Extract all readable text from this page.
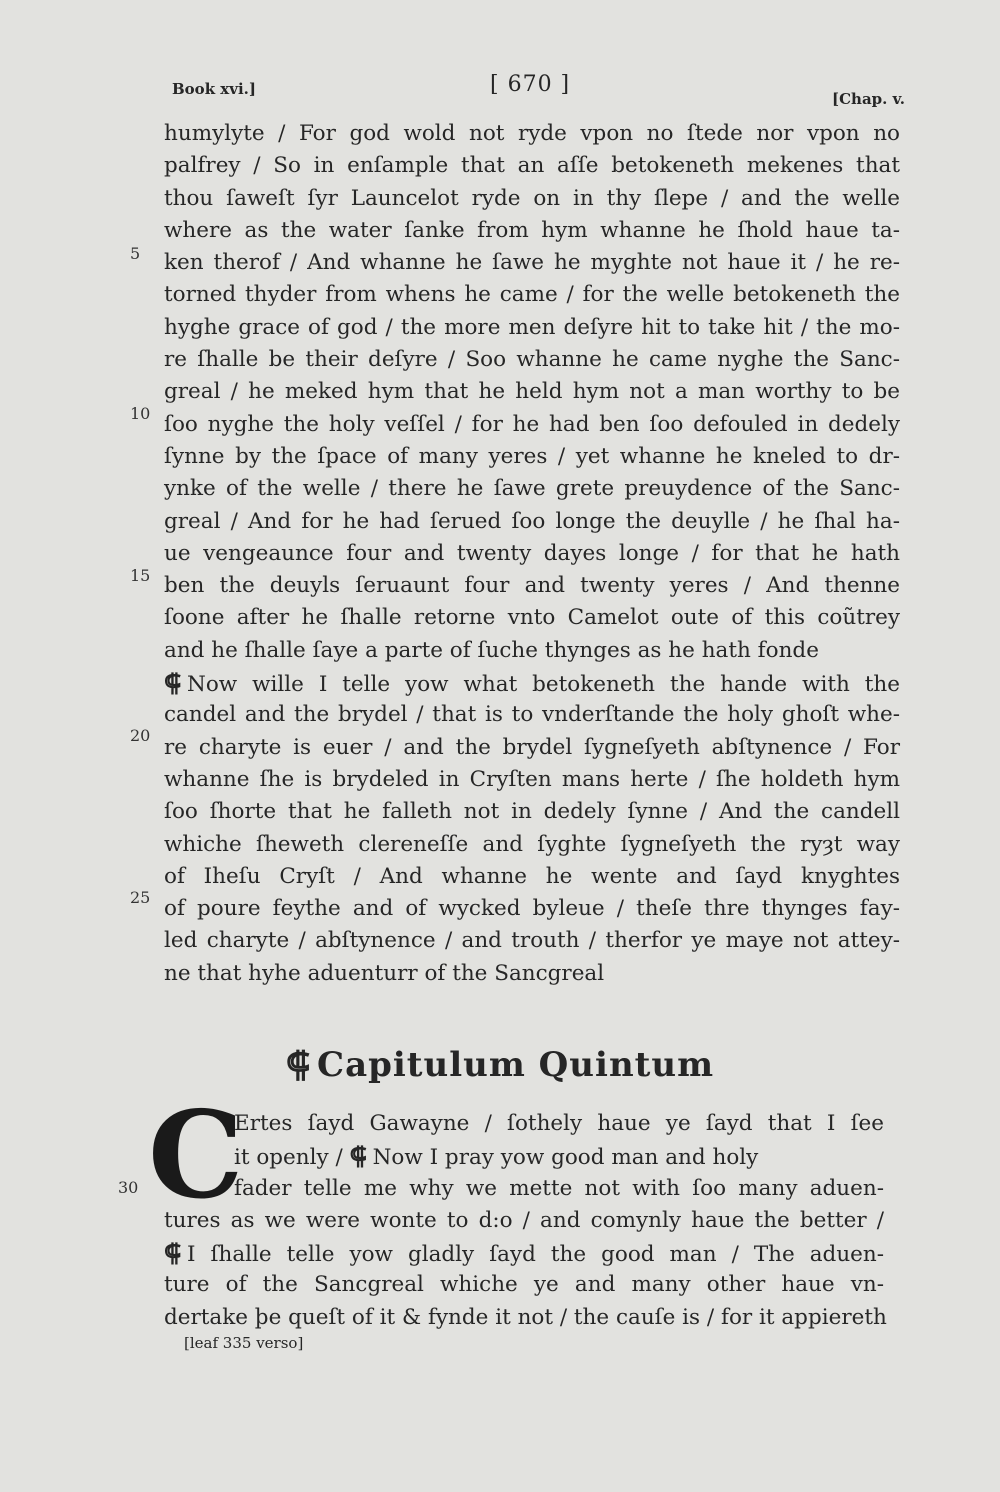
Book xvi.]	[ 670 ]
[Chap. v.
5
10
15
20
25
30
humylyte / For god wold not ryde vpon no ſtede nor vpon no
palfrey / So in enſample that an aſſe betokeneth mekenes that
thou ſaweſt ſyr Launcelot ryde on in thy ſlepe / and the welle
where as the water ſanke from hym whanne he ſhold haue ta-
ken therof / And whanne he ſawe he myghte not haue it / he re-
torned thyder from whens he came / for the welle betokeneth the
hyghe grace of god / the more men deſyre hit to take hit / the mo-
re ſhalle be their deſyre / Soo whanne he came nyghe the Sanc-
greal / he meked hym that he held hym not a man worthy to be
ſoo nyghe the holy veſſel / for he had ben ſoo defouled in dedely
ſynne by the ſpace of many yeres / yet whanne he kneled to dr-
ynke of the welle / there he ſawe grete preuydence of the Sanc-
greal / And for he had ſerued ſoo longe the deuylle / he ſhal ha-
ue vengeaunce four and twenty dayes longe / for that he hath
ben the deuyls ſeruaunt four and twenty yeres / And thenne
ſoone after he ſhalle retorne vnto Camelot oute of this coũtrey
and he ſhalle ſaye a parte of ſuche thynges as he hath fonde
⸿ Now wille I telle yow what betokeneth the hande with the
candel and the brydel / that is to vnderſtande the holy ghoſt whe-
re charyte is euer / and the brydel ſygneſyeth abſtynence / For
whanne ſhe is brydeled in Cryſten mans herte / ſhe holdeth hym
ſoo ſhorte that he falleth not in dedely ſynne / And the candell
whiche ſheweth clereneſſe and ſyghte ſygneſyeth the ryȝt way
of Iheſu Cryſt / And whanne he wente and ſayd knyghtes
of poure feythe and of wycked byleue / theſe thre thynges fay-
led charyte / abſtynence / and trouth / therfor ye maye not attey-
ne that hyhe aduenturr of the Sancgreal
⸿ Capitulum Quintum
C
Ertes ſayd Gawayne / ſothely haue ye ſayd that I ſee
it openly / ⸿ Now I pray yow good man and holy
fader telle me why we mette not with ſoo many aduen-
tures as we were wonte to d:o / and comynly haue the better /
⸿ I ſhalle telle yow gladly ſayd the good man / The aduen-
ture of the Sancgreal whiche ye and many other haue vn-
dertake þe queſt of it & fynde it not / the cauſe is / for it appiereth
[leaf 335 verso]
